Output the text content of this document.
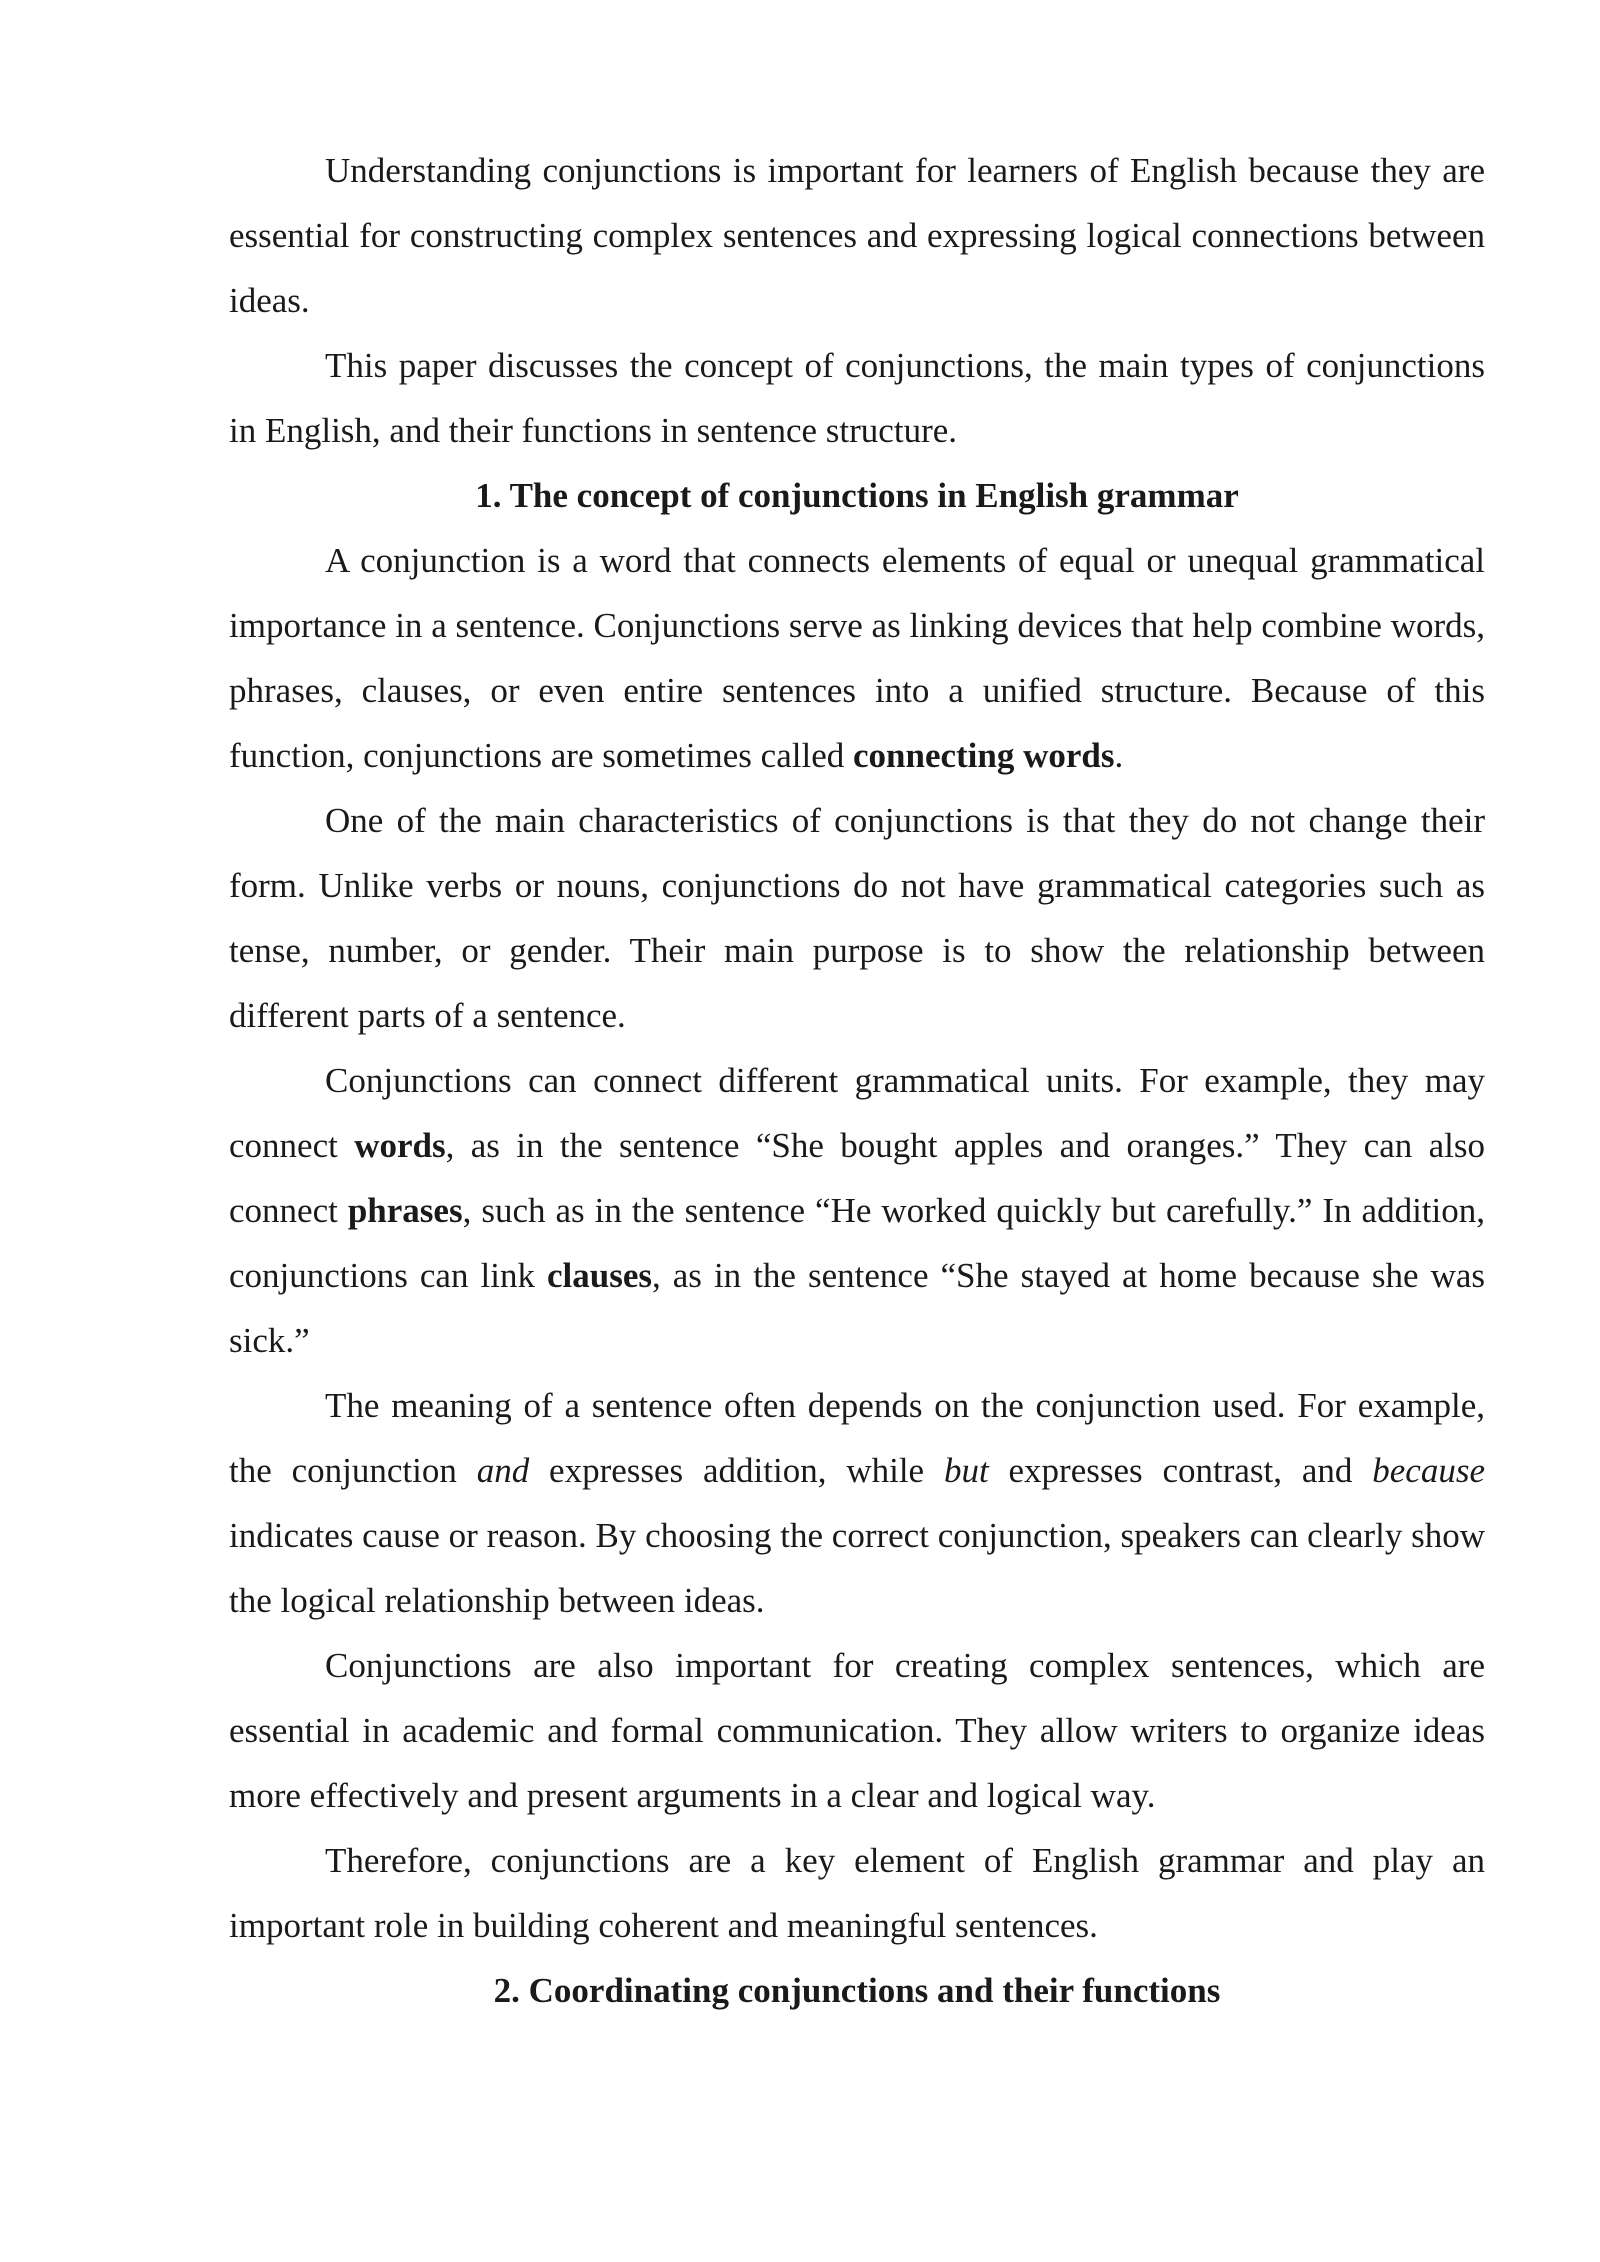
Understanding conjunctions is important for learners of English because they are essential for constructing complex sentences and expressing logical connections between ideas.

This paper discusses the concept of conjunctions, the main types of conjunctions in English, and their functions in sentence structure.

1. The concept of conjunctions in English grammar

A conjunction is a word that connects elements of equal or unequal grammatical importance in a sentence. Conjunctions serve as linking devices that help combine words, phrases, clauses, or even entire sentences into a unified structure. Because of this function, conjunctions are sometimes called connecting words.

One of the main characteristics of conjunctions is that they do not change their form. Unlike verbs or nouns, conjunctions do not have grammatical categories such as tense, number, or gender. Their main purpose is to show the relationship between different parts of a sentence.

Conjunctions can connect different grammatical units. For example, they may connect words, as in the sentence “She bought apples and oranges.” They can also connect phrases, such as in the sentence “He worked quickly but carefully.” In addition, conjunctions can link clauses, as in the sentence “She stayed at home because she was sick.”

The meaning of a sentence often depends on the conjunction used. For example, the conjunction and expresses addition, while but expresses contrast, and because indicates cause or reason. By choosing the correct conjunction, speakers can clearly show the logical relationship between ideas.

Conjunctions are also important for creating complex sentences, which are essential in academic and formal communication. They allow writers to organize ideas more effectively and present arguments in a clear and logical way.

Therefore, conjunctions are a key element of English grammar and play an important role in building coherent and meaningful sentences.

2. Coordinating conjunctions and their functions
